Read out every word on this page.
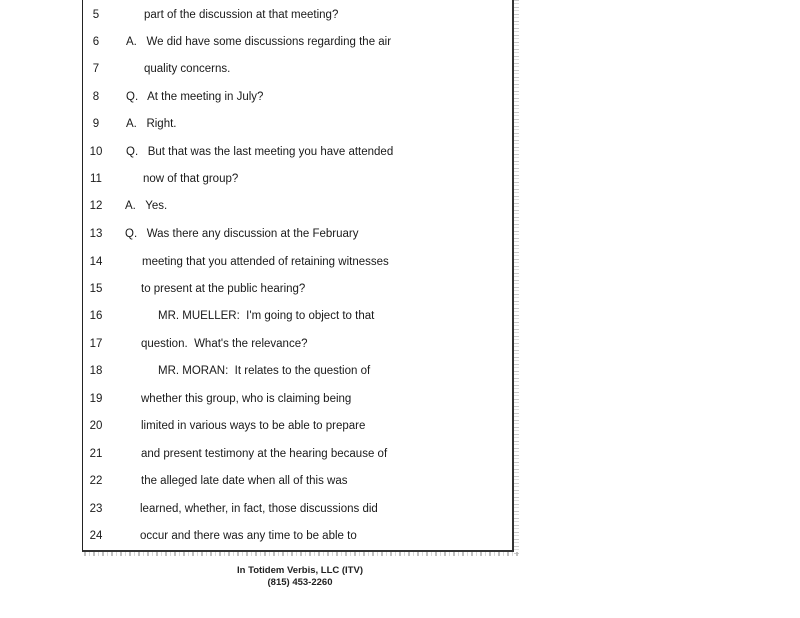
5	part of the discussion at that meeting?
6	A.   We did have some discussions regarding the air
7	quality concerns.
8	Q.   At the meeting in July?
9	A.   Right.
10	Q.   But that was the last meeting you have attended
11	now of that group?
12	A.   Yes.
13	Q.   Was there any discussion at the February
14	meeting that you attended of retaining witnesses
15	to present at the public hearing?
16	MR. MUELLER:  I'm going to object to that
17	question.  What's the relevance?
18	MR. MORAN:  It relates to the question of
19	whether this group, who is claiming being
20	limited in various ways to be able to prepare
21	and present testimony at the hearing because of
22	the alleged late date when all of this was
23	learned, whether, in fact, those discussions did
24	occur and there was any time to be able to
In Totidem Verbis, LLC (ITV)
(815) 453-2260
